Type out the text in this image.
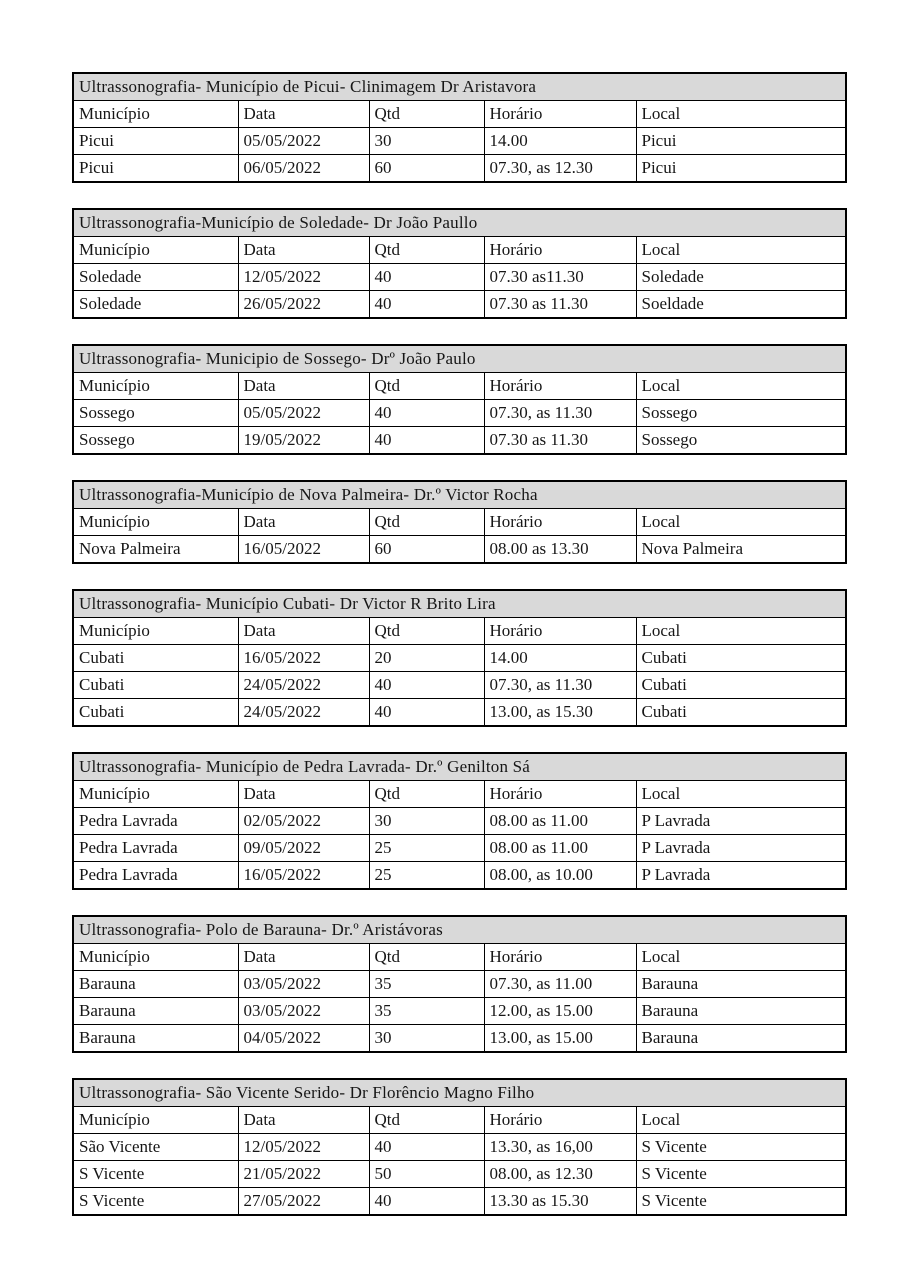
Ultrassonografia- Município de Picui- Clinimagem Dr Aristavora				
Município	Data	Qtd	Horário	Local
Picui	05/05/2022	30	14.00	Picui
Picui	06/05/2022	60	07.30, as 12.30	Picui
Ultrassonografia-Município de Soledade- Dr João Paullo				
Município	Data	Qtd	Horário	Local
Soledade	12/05/2022	40	07.30 as11.30	Soledade
Soledade	26/05/2022	40	07.30 as 11.30	Soeldade
Ultrassonografia- Municipio de Sossego- Drº João Paulo				
Município	Data	Qtd	Horário	Local
Sossego	05/05/2022	40	07.30, as 11.30	Sossego
Sossego	19/05/2022	40	07.30 as 11.30	Sossego
Ultrassonografia-Município de Nova Palmeira- Dr.º Victor Rocha				
Município	Data	Qtd	Horário	Local
Nova Palmeira	16/05/2022	60	08.00 as 13.30	Nova Palmeira
Ultrassonografia- Município Cubati- Dr Victor R Brito Lira				
Município	Data	Qtd	Horário	Local
Cubati	16/05/2022	20	14.00	Cubati
Cubati	24/05/2022	40	07.30, as 11.30	Cubati
Cubati	24/05/2022	40	13.00, as 15.30	Cubati
Ultrassonografia- Município de Pedra Lavrada- Dr.º Genilton Sá				
Município	Data	Qtd	Horário	Local
Pedra Lavrada	02/05/2022	30	08.00 as 11.00	P Lavrada
Pedra Lavrada	09/05/2022	25	08.00 as 11.00	P Lavrada
Pedra Lavrada	16/05/2022	25	08.00, as 10.00	P Lavrada
Ultrassonografia- Polo de Barauna- Dr.º Aristávoras				
Município	Data	Qtd	Horário	Local
Barauna	03/05/2022	35	07.30, as 11.00	Barauna
Barauna	03/05/2022	35	12.00, as 15.00	Barauna
Barauna	04/05/2022	30	13.00, as 15.00	Barauna
Ultrassonografia- São Vicente Serido- Dr Florêncio Magno Filho				
Município	Data	Qtd	Horário	Local
São Vicente	12/05/2022	40	13.30, as 16,00	S Vicente
S Vicente	21/05/2022	50	08.00, as 12.30	S Vicente
S Vicente	27/05/2022	40	13.30 as 15.30	S Vicente
